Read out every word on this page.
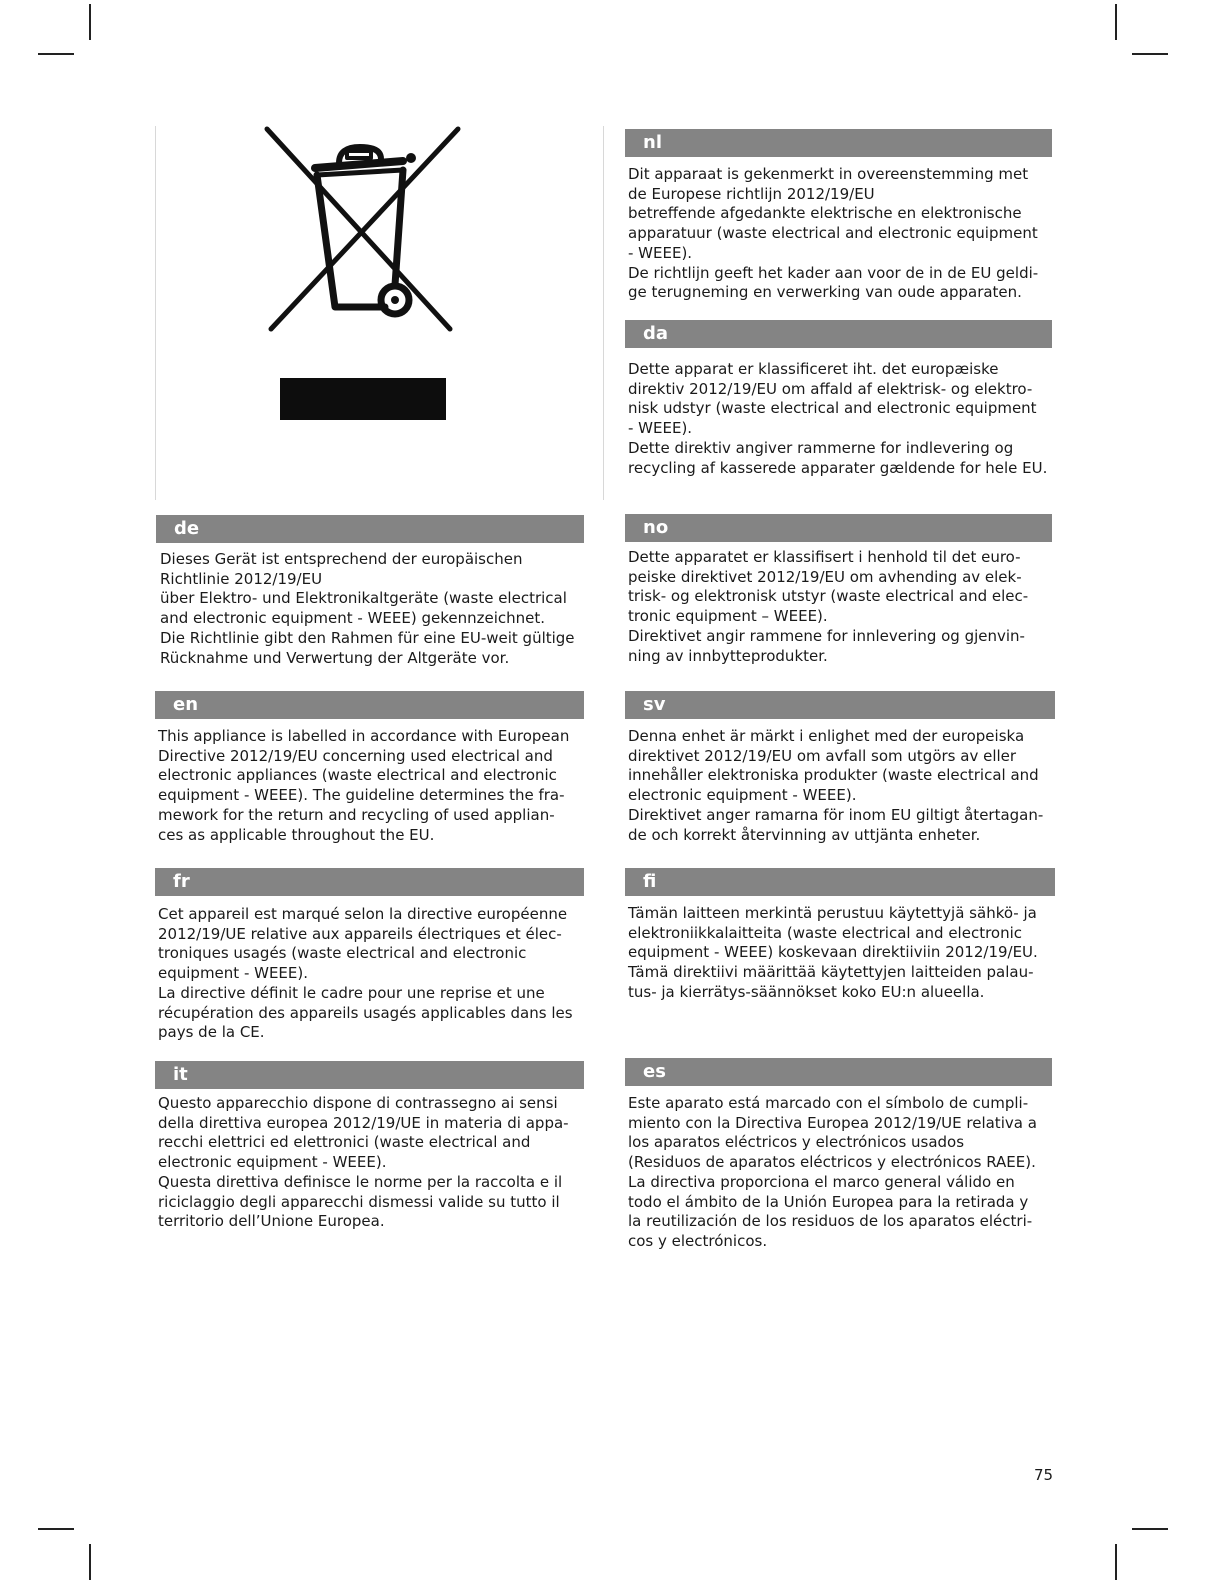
nl

Dit apparaat is gekenmerkt in overeenstemming met
de Europese richtlijn 2012/19/EU
betreffende afgedankte elektrische en elektronische
apparatuur (waste electrical and electronic equipment
- WEEE).
De richtlijn geeft het kader aan voor de in de EU geldi-
ge terugneming en verwerking van oude apparaten.

da

Dette apparat er klassificeret iht. det europæiske
direktiv 2012/19/EU om affald af elektrisk- og elektro-
nisk udstyr (waste electrical and electronic equipment
- WEEE).
Dette direktiv angiver rammerne for indlevering og
recycling af kasserede apparater gældende for hele EU.

de

Dieses Gerät ist entsprechend der europäischen
Richtlinie 2012/19/EU
über Elektro- und Elektronikaltgeräte (waste electrical
and electronic equipment - WEEE) gekennzeichnet.
Die Richtlinie gibt den Rahmen für eine EU-weit gültige
Rücknahme und Verwertung der Altgeräte vor.

no

Dette apparatet er klassifisert i henhold til det euro-
peiske direktivet 2012/19/EU om avhending av elek-
trisk- og elektronisk utstyr (waste electrical and elec-
tronic equipment – WEEE).
Direktivet angir rammene for innlevering og gjenvin-
ning av innbytteprodukter.

en

This appliance is labelled in accordance with European
Directive 2012/19/EU concerning used electrical and
electronic appliances (waste electrical and electronic
equipment - WEEE). The guideline determines the fra-
mework for the return and recycling of used applian-
ces as applicable throughout the EU.

sv

Denna enhet är märkt i enlighet med der europeiska
direktivet 2012/19/EU om avfall som utgörs av eller
innehåller elektroniska produkter (waste electrical and
electronic equipment - WEEE).
Direktivet anger ramarna för inom EU giltigt återtagan-
de och korrekt återvinning av uttjänta enheter.

fr

Cet appareil est marqué selon la directive européenne
2012/19/UE relative aux appareils électriques et élec-
troniques usagés (waste electrical and electronic
equipment - WEEE).
La directive définit le cadre pour une reprise et une
récupération des appareils usagés applicables dans les
pays de la CE.

fi

Tämän laitteen merkintä perustuu käytettyjä sähkö- ja
elektroniikkalaitteita (waste electrical and electronic
equipment - WEEE) koskevaan direktiiviin 2012/19/EU.
Tämä direktiivi määrittää käytettyjen laitteiden palau-
tus- ja kierrätys-säännökset koko EU:n alueella.

it

Questo apparecchio dispone di contrassegno ai sensi
della direttiva europea 2012/19/UE in materia di appa-
recchi elettrici ed elettronici (waste electrical and
electronic equipment - WEEE).
Questa direttiva definisce le norme per la raccolta e il
riciclaggio degli apparecchi dismessi valide su tutto il
territorio dell’Unione Europea.

es

Este aparato está marcado con el símbolo de cumpli-
miento con la Directiva Europea 2012/19/UE relativa a
los aparatos eléctricos y electrónicos usados
(Residuos de aparatos eléctricos y electrónicos RAEE).
La directiva proporciona el marco general válido en
todo el ámbito de la Unión Europea para la retirada y
la reutilización de los residuos de los aparatos eléctri-
cos y electrónicos.

75
